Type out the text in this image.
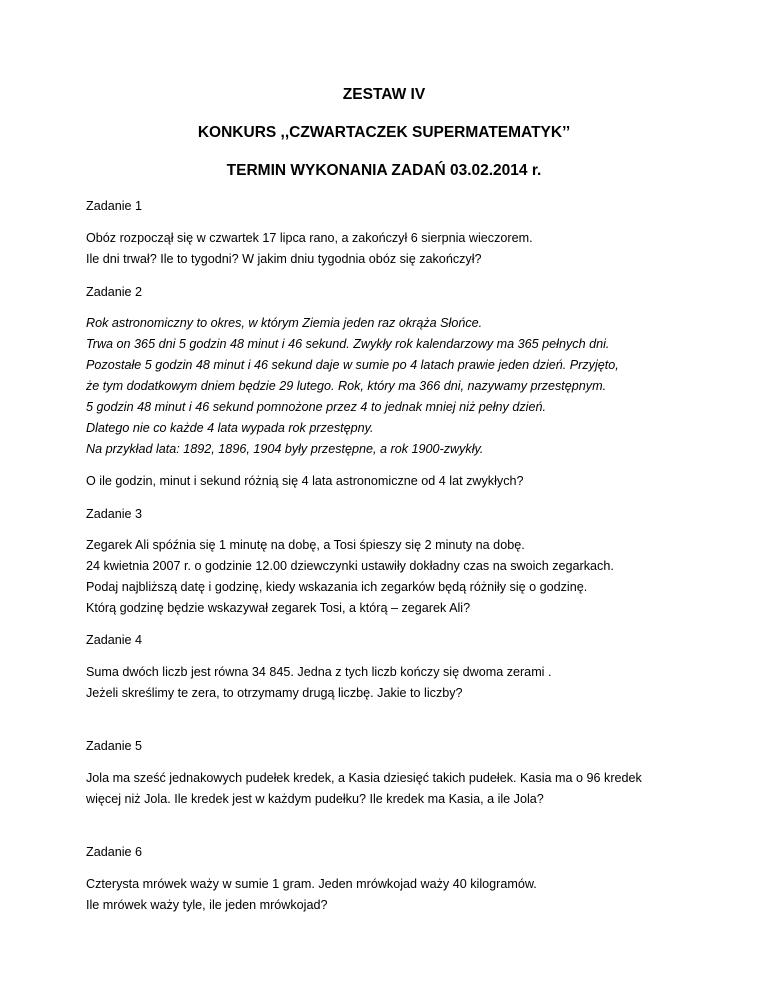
ZESTAW IV
KONKURS ,,CZWARTACZEK SUPERMATEMATYK’’
TERMIN WYKONANIA ZADAŃ 03.02.2014 r.

Zadanie 1

Obóz rozpoczął się w czwartek 17 lipca rano, a zakończył 6 sierpnia wieczorem.

Ile dni trwał? Ile to tygodni? W jakim dniu tygodnia obóz się zakończył?

Zadanie 2

Rok astronomiczny to okres, w którym Ziemia jeden raz okrąża Słońce.

Trwa on 365 dni 5 godzin 48 minut i 46 sekund. Zwykły rok kalendarzowy ma 365 pełnych dni.

Pozostałe 5 godzin 48 minut i 46 sekund daje w sumie po 4 latach prawie jeden dzień. Przyjęto,

że tym dodatkowym dniem będzie 29 lutego. Rok, który ma 366 dni, nazywamy przestępnym.

5 godzin 48 minut i 46 sekund pomnożone przez 4 to jednak mniej niż pełny dzień.

Dlatego nie co każde 4 lata wypada rok przestępny.

Na przykład lata: 1892, 1896, 1904 były przestępne, a rok 1900-zwykły.

O ile godzin, minut i sekund różnią się 4 lata astronomiczne od 4 lat zwykłych?

Zadanie 3

Zegarek Ali spóźnia się 1 minutę na dobę, a Tosi śpieszy się 2 minuty na dobę.

24 kwietnia 2007 r. o godzinie 12.00 dziewczynki ustawiły dokładny czas na swoich zegarkach.

Podaj najbliższą datę i godzinę, kiedy wskazania ich zegarków będą różniły się o godzinę.

Którą godzinę będzie wskazywał zegarek Tosi, a którą – zegarek Ali?

Zadanie 4

Suma dwóch liczb jest równa 34 845. Jedna z tych liczb kończy się dwoma zerami .

Jeżeli skreślimy te zera, to otrzymamy drugą liczbę. Jakie to liczby?

Zadanie 5

Jola ma sześć jednakowych pudełek kredek, a Kasia dziesięć takich pudełek. Kasia ma o 96 kredek

więcej niż Jola. Ile kredek jest w każdym pudełku? Ile kredek ma Kasia, a ile Jola?

Zadanie 6

Czterysta mrówek waży w sumie 1 gram. Jeden mrówkojad waży 40 kilogramów.

Ile mrówek waży tyle, ile jeden mrówkojad?
